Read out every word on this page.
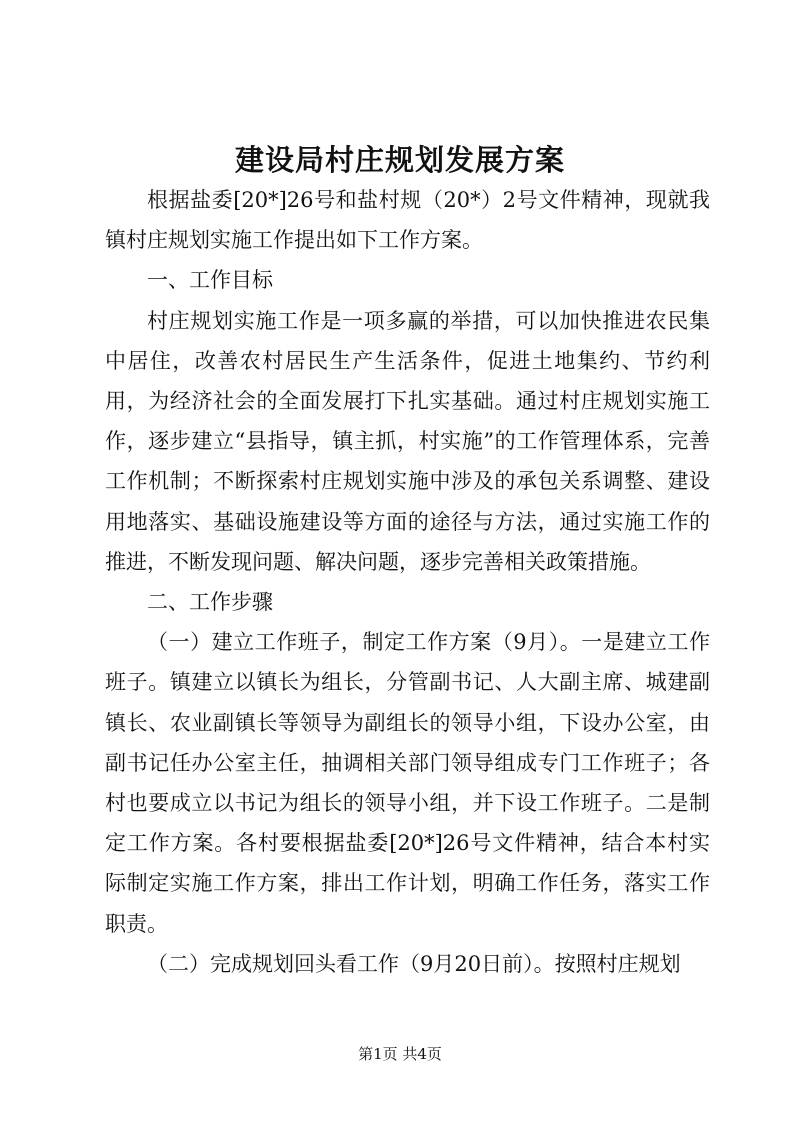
建设局村庄规划发展方案

根据盐委[20*]26号和盐村规（20*）2号文件精神，现就我镇村庄规划实施工作提出如下工作方案。

一、工作目标

村庄规划实施工作是一项多赢的举措，可以加快推进农民集中居住，改善农村居民生产生活条件，促进土地集约、节约利用，为经济社会的全面发展打下扎实基础。通过村庄规划实施工作，逐步建立“县指导，镇主抓，村实施”的工作管理体系，完善工作机制；不断探索村庄规划实施中涉及的承包关系调整、建设用地落实、基础设施建设等方面的途径与方法，通过实施工作的推进，不断发现问题、解决问题，逐步完善相关政策措施。

二、工作步骤

（一）建立工作班子，制定工作方案（9月）。一是建立工作班子。镇建立以镇长为组长，分管副书记、人大副主席、城建副镇长、农业副镇长等领导为副组长的领导小组，下设办公室，由副书记任办公室主任，抽调相关部门领导组成专门工作班子；各村也要成立以书记为组长的领导小组，并下设工作班子。二是制定工作方案。各村要根据盐委[20*]26号文件精神，结合本村实际制定实施工作方案，排出工作计划，明确工作任务，落实工作职责。

（二）完成规划回头看工作（9月20日前）。按照村庄规划

第1页 共4页
